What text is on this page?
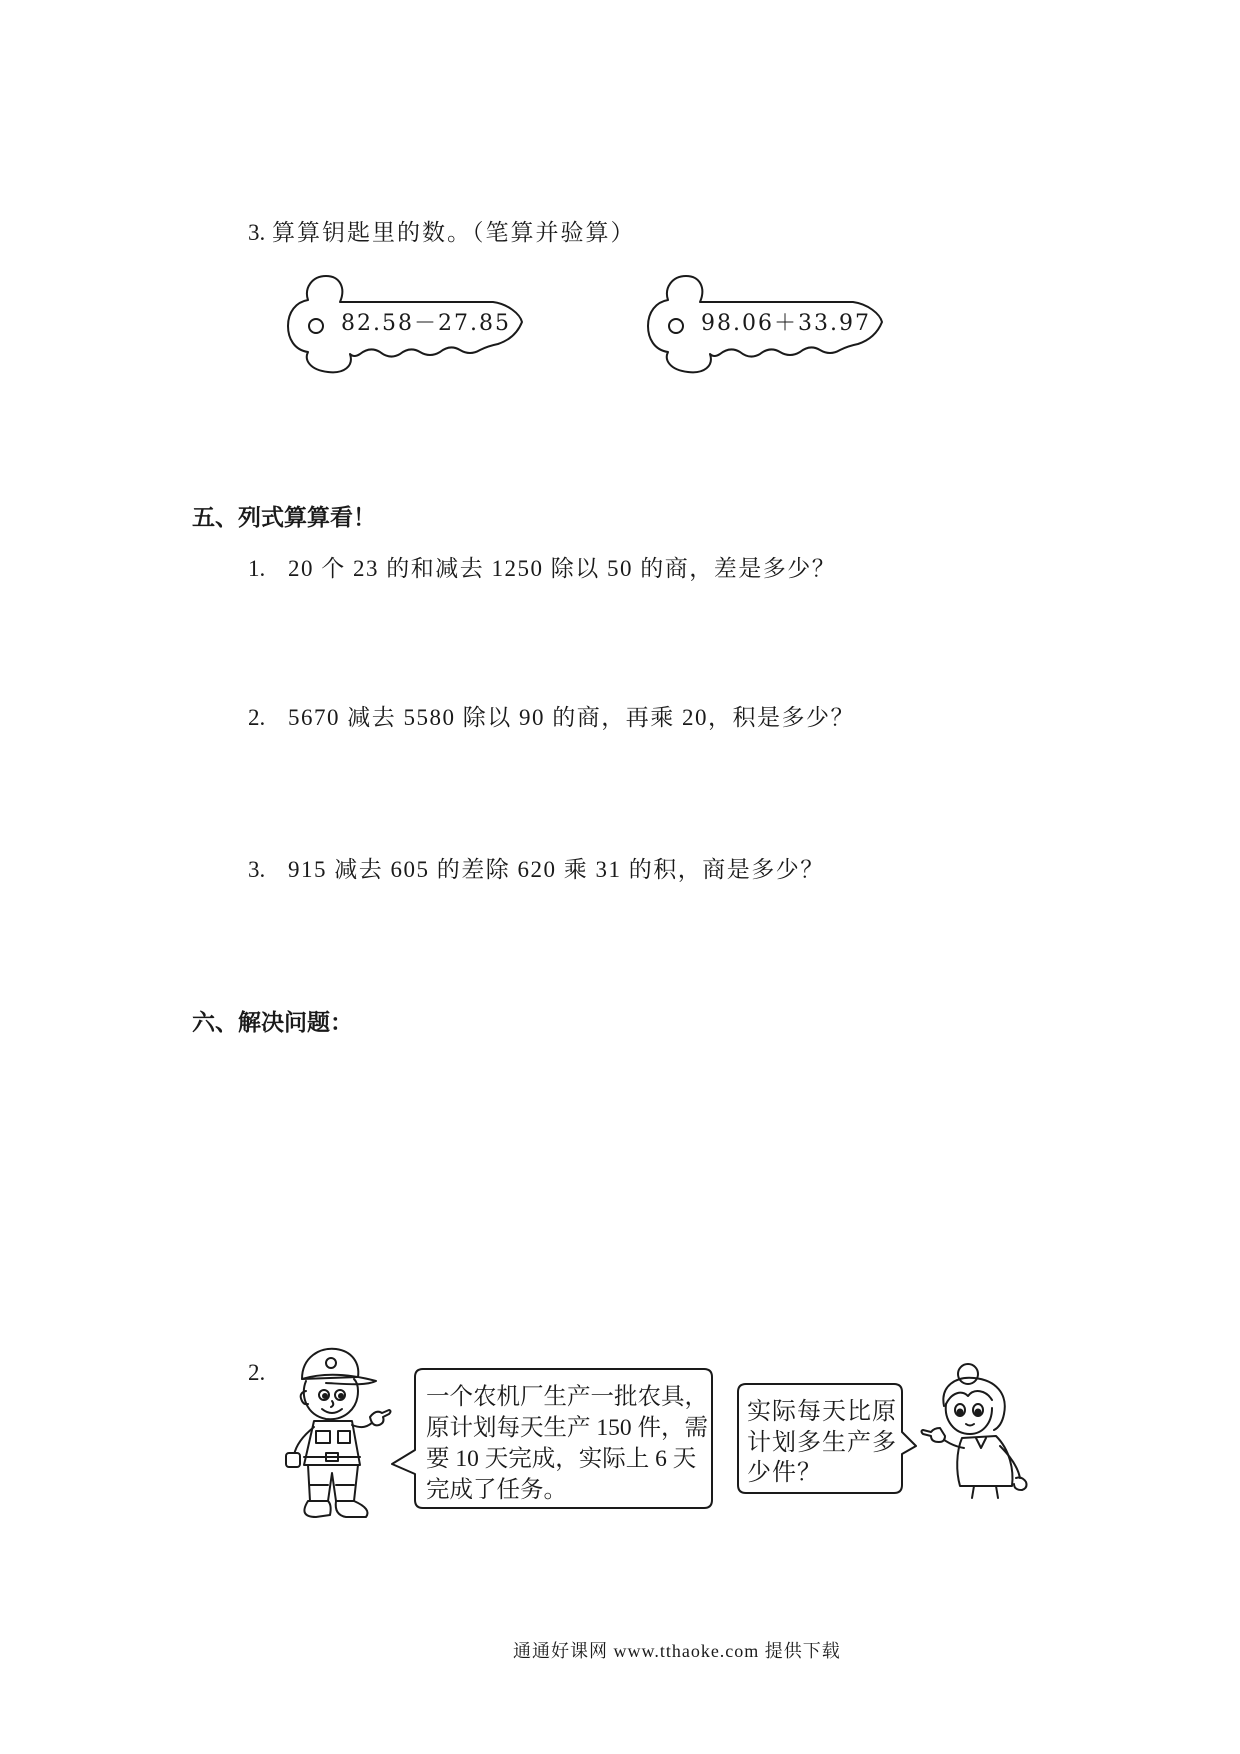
3. 算算钥匙里的数。（笔算并验算）
82.58－27.85	98.06＋33.97
五、列式算算看！
1. 20 个 23 的和减去 1250 除以 50 的商，差是多少？
2. 5670 减去 5580 除以 90 的商，再乘 20，积是多少？
3. 915 减去 605 的差除 620 乘 31 的积，商是多少？
六、解决问题：
2.
一个农机厂生产一批农具，
原计划每天生产 150 件，需
要 10 天完成，实际上 6 天
完成了任务。
实际每天比原
计划多生产多
少件？
通通好课网 www.tthaoke.com 提供下载
